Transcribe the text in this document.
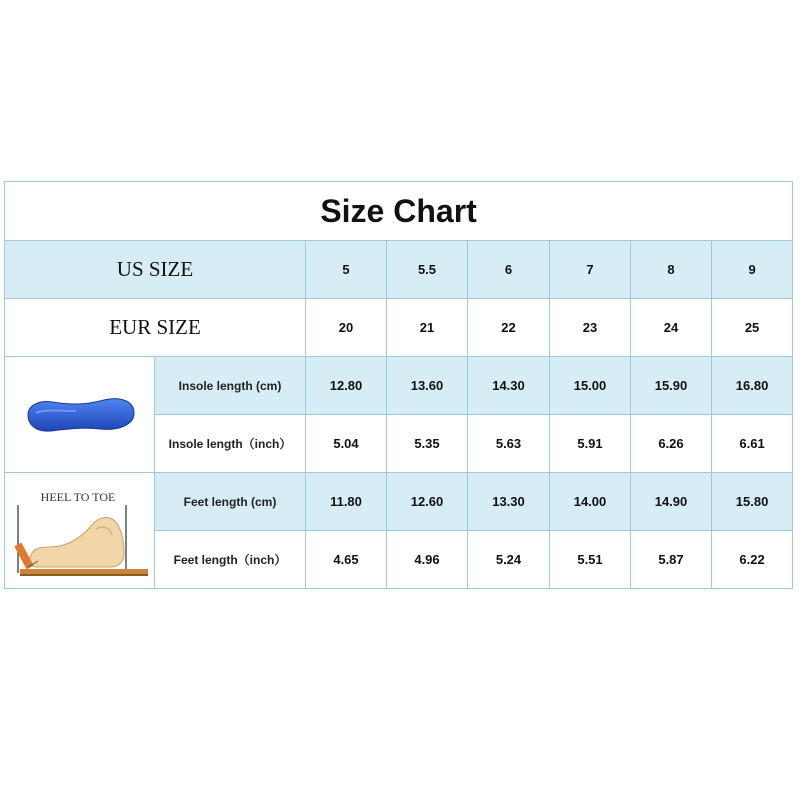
Size Chart							
US SIZE		5	5.5	6	7	8	9
EUR SIZE		20	21	22	23	24	25

	Insole length (cm)	12.80	13.60	14.30	15.00	15.90	16.80
	Insole length（inch）	5.04	5.35	5.63	5.91	6.26	6.61

HEEL TO TOE	Feet length (cm)	11.80	12.60	13.30	14.00	14.90	15.80
	Feet length（inch）	4.65	4.96	5.24	5.51	5.87	6.22
